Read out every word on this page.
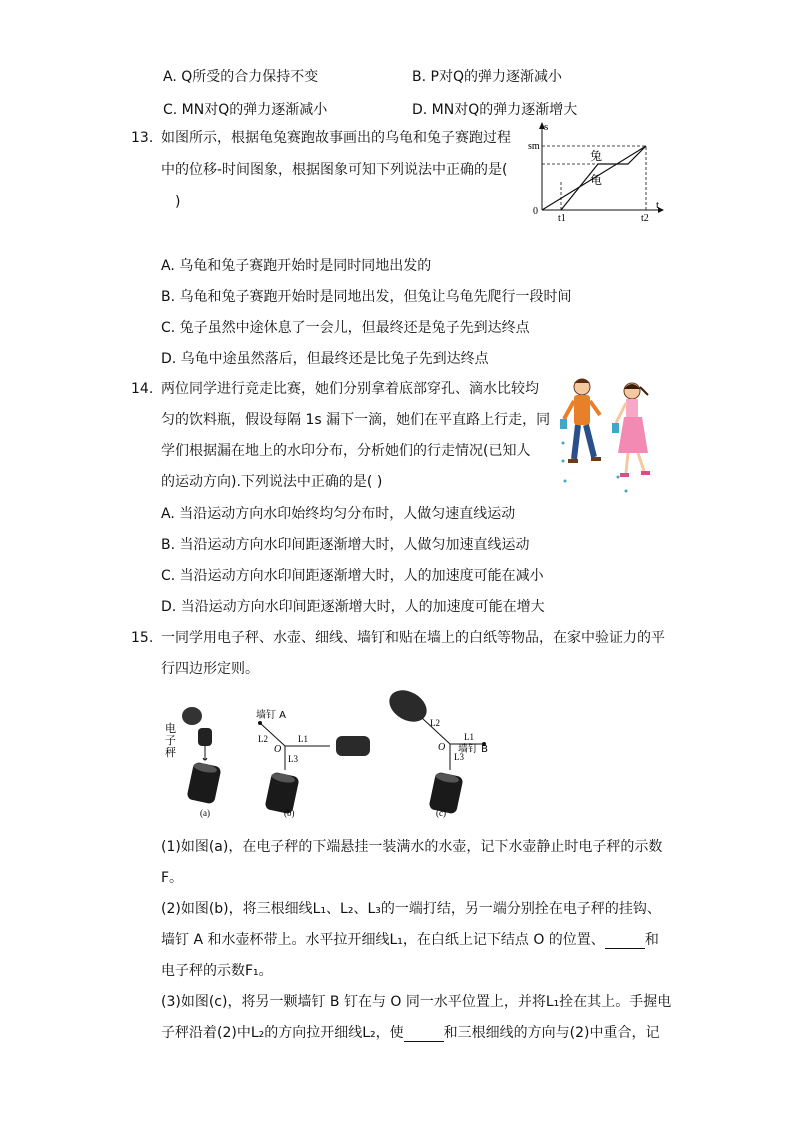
A. Q所受的合力保持不变	B. P对Q的弹力逐渐减小
C. MN对Q的弹力逐渐减小	D. MN对Q的弹力逐渐增大
13. 如图所示，根据龟兔赛跑故事画出的乌龟和兔子赛跑过程
中的位移-时间图象，根据图象可知下列说法中正确的是(
)
s
sm
0
t1	t2
t
兔
龟
A. 乌龟和兔子赛跑开始时是同时同地出发的
B. 乌龟和兔子赛跑开始时是同地出发，但兔让乌龟先爬行一段时间
C. 兔子虽然中途休息了一会儿，但最终还是兔子先到达终点
D. 乌龟中途虽然落后，但最终还是比兔子先到达终点
14. 两位同学进行竞走比赛，她们分别拿着底部穿孔、滴水比较均
匀的饮料瓶，假设每隔 1s 漏下一滴，她们在平直路上行走，同
学们根据漏在地上的水印分布，分析她们的行走情况(已知人
的运动方向).下列说法中正确的是( )
A. 当沿运动方向水印始终均匀分布时，人做匀速直线运动
B. 当沿运动方向水印间距逐渐增大时，人做匀加速直线运动
C. 当沿运动方向水印间距逐渐增大时，人的加速度可能在减小
D. 当沿运动方向水印间距逐渐增大时，人的加速度可能在增大
15. 一同学用电子秤、水壶、细线、墙钉和贴在墙上的白纸等物品，在家中验证力的平
行四边形定则。
电
子
秤
(a)
墙钉 A
L2
O
L1
L3
(b)
L2
O
L1
L3
墙钉 B
(c)
(1)如图(a)，在电子秤的下端悬挂一装满水的水壶，记下水壶静止时电子秤的示数
F。
(2)如图(b)，将三根细线L₁、L₂、L₃的一端打结，另一端分别拴在电子秤的挂钩、
墙钉 A 和水壶杯带上。水平拉开细线L₁，在白纸上记下结点 O 的位置、	和
电子秤的示数F₁。
(3)如图(c)，将另一颗墙钉 B 钉在与 O 同一水平位置上，并将L₁拴在其上。手握电
子秤沿着(2)中L₂的方向拉开细线L₂，使	和三根细线的方向与(2)中重合，记
